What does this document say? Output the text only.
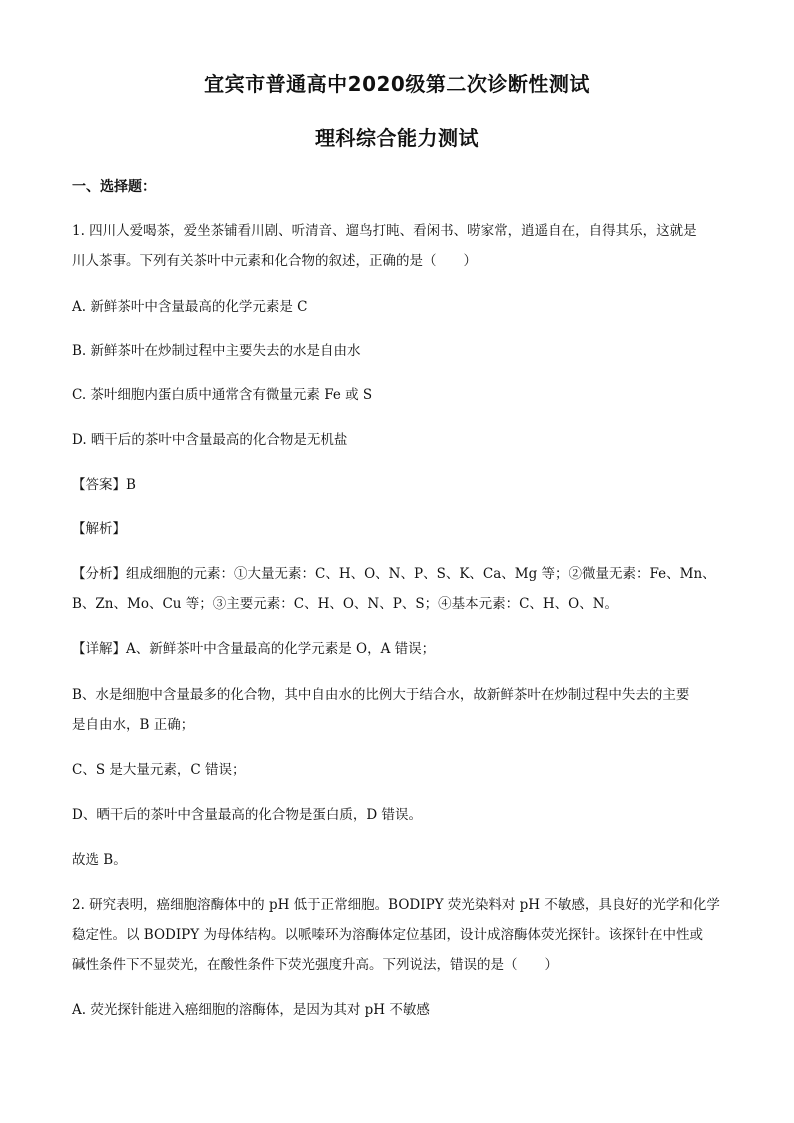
宜宾市普通高中2020级第二次诊断性测试
理科综合能力测试
一、选择题：
1. 四川人爱喝茶，爱坐茶铺看川剧、听清音、遛鸟打盹、看闲书、唠家常，逍遥自在，自得其乐，这就是
川人茶事。下列有关茶叶中元素和化合物的叙述，正确的是（　　）
A. 新鲜茶叶中含量最高的化学元素是 C
B. 新鲜茶叶在炒制过程中主要失去的水是自由水
C. 茶叶细胞内蛋白质中通常含有微量元素 Fe 或 S
D. 晒干后的茶叶中含量最高的化合物是无机盐
【答案】B
【解析】
【分析】组成细胞的元素：①大量无素：C、H、O、N、P、S、K、Ca、Mg 等；②微量无素：Fe、Mn、
B、Zn、Mo、Cu 等；③主要元素：C、H、O、N、P、S；④基本元素：C、H、O、N。
【详解】A、新鲜茶叶中含量最高的化学元素是 O，A 错误；
B、水是细胞中含量最多的化合物，其中自由水的比例大于结合水，故新鲜茶叶在炒制过程中失去的主要
是自由水，B 正确；
C、S 是大量元素，C 错误；
D、晒干后的茶叶中含量最高的化合物是蛋白质，D 错误。
故选 B。
2. 研究表明，癌细胞溶酶体中的 pH 低于正常细胞。BODIPY 荧光染料对 pH 不敏感，具良好的光学和化学
稳定性。以 BODIPY 为母体结构。以哌嗪环为溶酶体定位基团，设计成溶酶体荧光探针。该探针在中性或
碱性条件下不显荧光，在酸性条件下荧光强度升高。下列说法，错误的是（　　）
A. 荧光探针能进入癌细胞的溶酶体，是因为其对 pH 不敏感
